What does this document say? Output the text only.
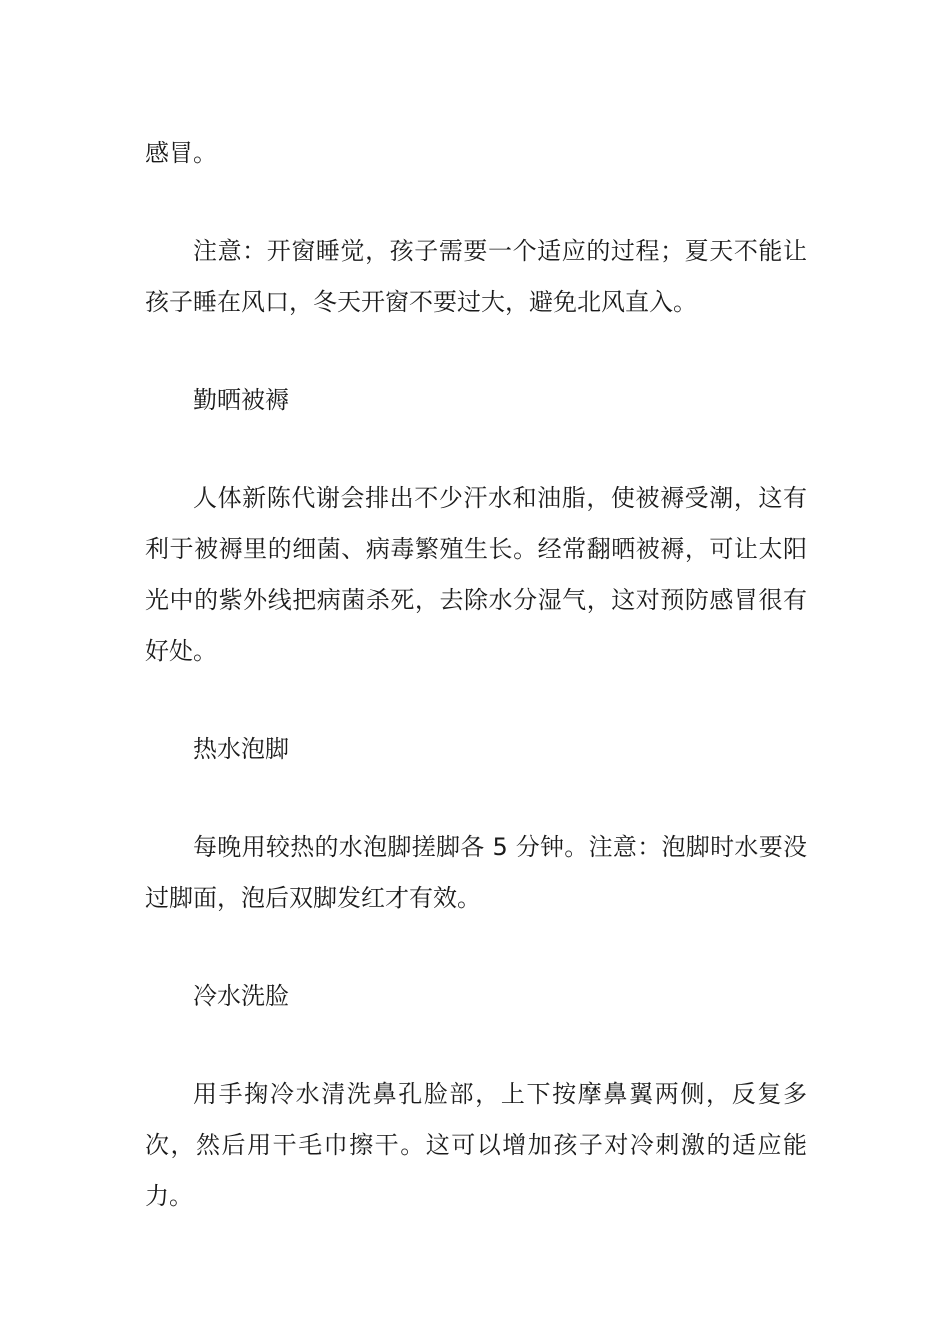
感冒。

注意：开窗睡觉，孩子需要一个适应的过程；夏天不能让孩子睡在风口，冬天开窗不要过大，避免北风直入。

勤晒被褥

人体新陈代谢会排出不少汗水和油脂，使被褥受潮，这有利于被褥里的细菌、病毒繁殖生长。经常翻晒被褥，可让太阳光中的紫外线把病菌杀死，去除水分湿气，这对预防感冒很有好处。

热水泡脚

每晚用较热的水泡脚搓脚各 5 分钟。注意：泡脚时水要没过脚面，泡后双脚发红才有效。

冷水洗脸

用手掬冷水清洗鼻孔脸部，上下按摩鼻翼两侧，反复多次，然后用干毛巾擦干。这可以增加孩子对冷刺激的适应能力。
